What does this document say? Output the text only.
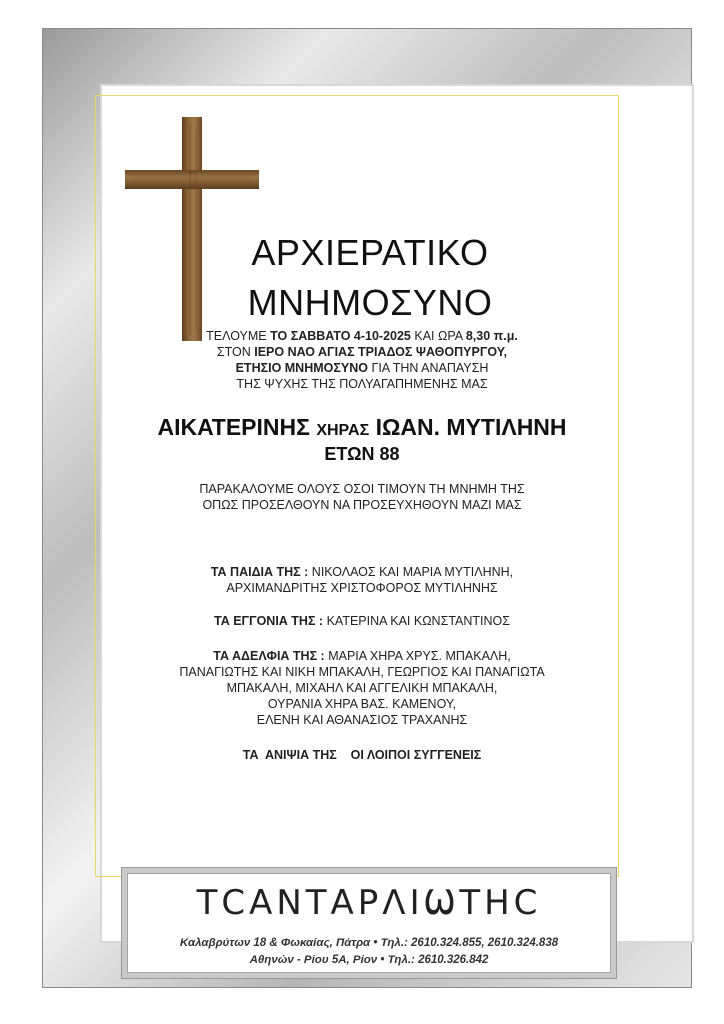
ΑΡΧΙΕΡΑΤΙΚΟ
ΜΝΗΜΟΣΥΝΟ
ΤΕΛΟΥΜΕ ΤΟ ΣΑΒΒΑΤΟ 4-10-2025 ΚΑΙ ΩΡΑ 8,30 π.μ.
ΣΤΟΝ ΙΕΡΟ ΝΑΟ ΑΓΙΑΣ ΤΡΙΑΔΟΣ ΨΑΘΟΠΥΡΓΟΥ,
ΕΤΗΣΙΟ ΜΝΗΜΟΣΥΝΟ ΓΙΑ ΤΗΝ ΑΝΑΠΑΥΣΗ
ΤΗΣ ΨΥΧΗΣ ΤΗΣ ΠΟΛΥΑΓΑΠΗΜΕΝΗΣ ΜΑΣ
ΑΙΚΑΤΕΡΙΝΗΣ ΧΗΡΑΣ ΙΩΑΝ. ΜΥΤΙΛΗΝΗ
ΕΤΩΝ 88
ΠΑΡΑΚΑΛΟΥΜΕ ΟΛΟΥΣ ΟΣΟΙ ΤΙΜΟΥΝ ΤΗ ΜΝΗΜΗ ΤΗΣ
ΟΠΩΣ ΠΡΟΣΕΛΘΟΥΝ ΝΑ ΠΡΟΣΕΥΧΗΘΟΥΝ ΜΑΖΙ ΜΑΣ
ΤΑ ΠΑΙΔΙΑ ΤΗΣ : ΝΙΚΟΛΑΟΣ ΚΑΙ ΜΑΡΙΑ ΜΥΤΙΛΗΝΗ,
ΑΡΧΙΜΑΝΔΡΙΤΗΣ ΧΡΙΣΤΟΦΟΡΟΣ ΜΥΤΙΛΗΝΗΣ
ΤΑ ΕΓΓΟΝΙΑ ΤΗΣ : ΚΑΤΕΡΙΝΑ ΚΑΙ ΚΩΝΣΤΑΝΤΙΝΟΣ
ΤΑ ΑΔΕΛΦΙΑ ΤΗΣ : ΜΑΡΙΑ ΧΗΡΑ ΧΡΥΣ. ΜΠΑΚΑΛΗ,
ΠΑΝΑΓΙΩΤΗΣ ΚΑΙ ΝΙΚΗ ΜΠΑΚΑΛΗ, ΓΕΩΡΓΙΟΣ ΚΑΙ ΠΑΝΑΓΙΩΤΑ
ΜΠΑΚΑΛΗ, ΜΙΧΑΗΛ ΚΑΙ ΑΓΓΕΛΙΚΗ ΜΠΑΚΑΛΗ,
ΟΥΡΑΝΙΑ ΧΗΡΑ ΒΑΣ. ΚΑΜΕΝΟΥ,
ΕΛΕΝΗ ΚΑΙ ΑΘΑΝΑΣΙΟΣ ΤΡΑΧΑΝΗΣ
ΤΑ  ΑΝΙΨΙΑ ΤΗΣ    ΟΙ ΛΟΙΠΟΙ ΣΥΓΓΕΝΕΙΣ
ΤСΑΝΤΑΡΛΙѠΤΗС
Καλαβρύτων 18 & Φωκαίας, Πάτρα • Τηλ.: 2610.324.855, 2610.324.838
Αθηνών - Ρίου 5Α, Ρίον • Τηλ.: 2610.326.842
